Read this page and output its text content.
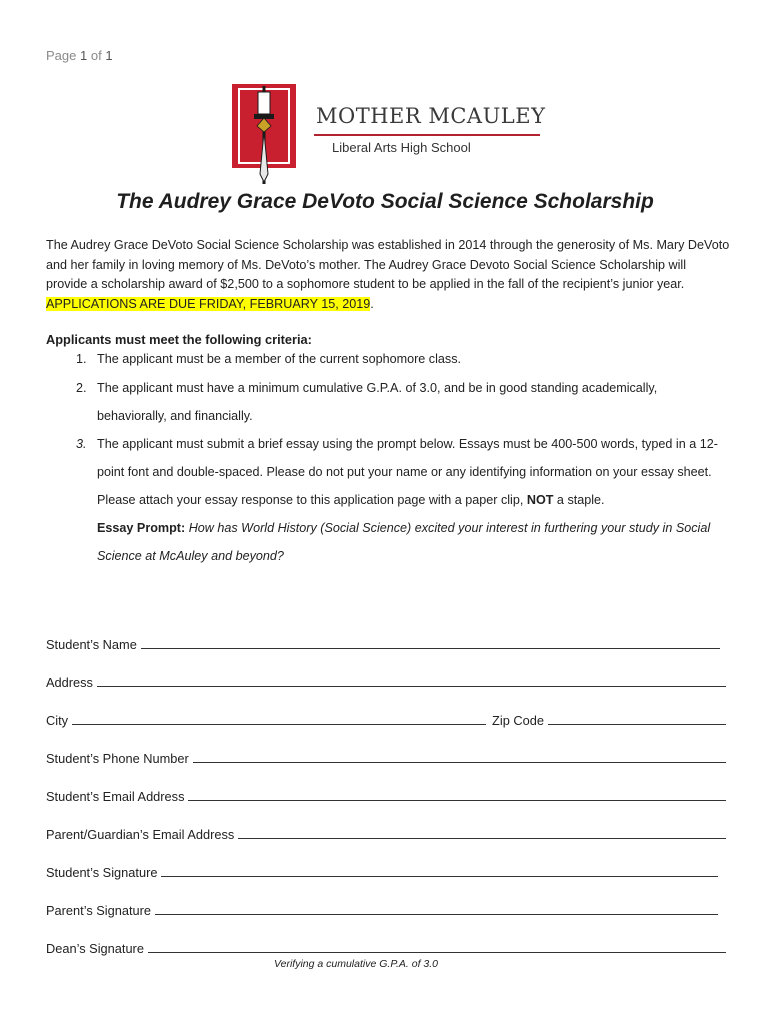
Page 1 of 1
MOTHER MCAULEY
Liberal Arts High School
The Audrey Grace DeVoto Social Science Scholarship
The Audrey Grace DeVoto Social Science Scholarship was established in 2014 through the generosity of Ms. Mary DeVoto and her family in loving memory of Ms. DeVoto’s mother. The Audrey Grace Devoto Social Science Scholarship will provide a scholarship award of $2,500 to a sophomore student to be applied in the fall of the recipient’s junior year. APPLICATIONS ARE DUE FRIDAY, FEBRUARY 15, 2019.
Applicants must meet the following criteria:
1. The applicant must be a member of the current sophomore class.
2. The applicant must have a minimum cumulative G.P.A. of 3.0, and be in good standing academically, behaviorally, and financially.
3. The applicant must submit a brief essay using the prompt below. Essays must be 400-500 words, typed in a 12-point font and double-spaced. Please do not put your name or any identifying information on your essay sheet. Please attach your essay response to this application page with a paper clip, NOT a staple.
Essay Prompt: How has World History (Social Science) excited your interest in furthering your study in Social Science at McAuley and beyond?
Student’s Name
Address
City	Zip Code
Student’s Phone Number
Student’s Email Address
Parent/Guardian’s Email Address
Student’s Signature
Parent’s Signature
Dean’s Signature
Verifying a cumulative G.P.A. of 3.0
